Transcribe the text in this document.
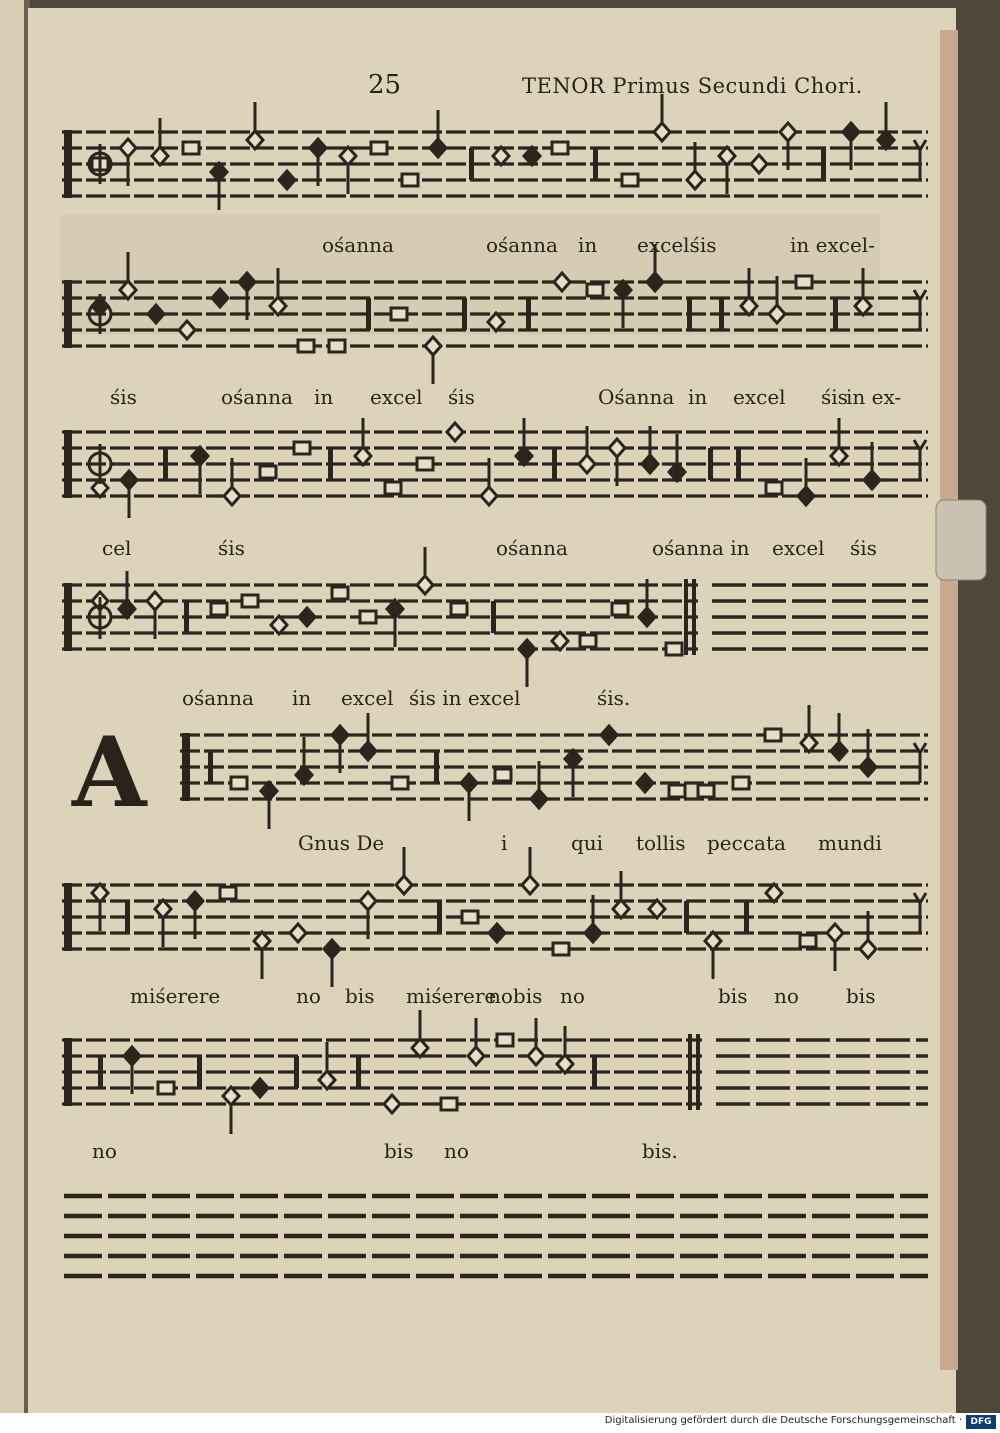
25	TENOR Primus Secundi Chori.
A
ośanna	ośanna in excelśis	in excel-
śis	ośanna in excel śis	Ośanna in excel śis
in ex-
cel	śis	ośanna	ośanna in excel śis
ośanna in excel śis in excel	śis.
Gnus De	i	qui tollis peccata mundi
miśerere	no bis miśerere
nobis no	bis no bis
no	bis no	bis.
Digitalisierung gefördert durch die Deutsche Forschungsgemeinschaft · DFG
